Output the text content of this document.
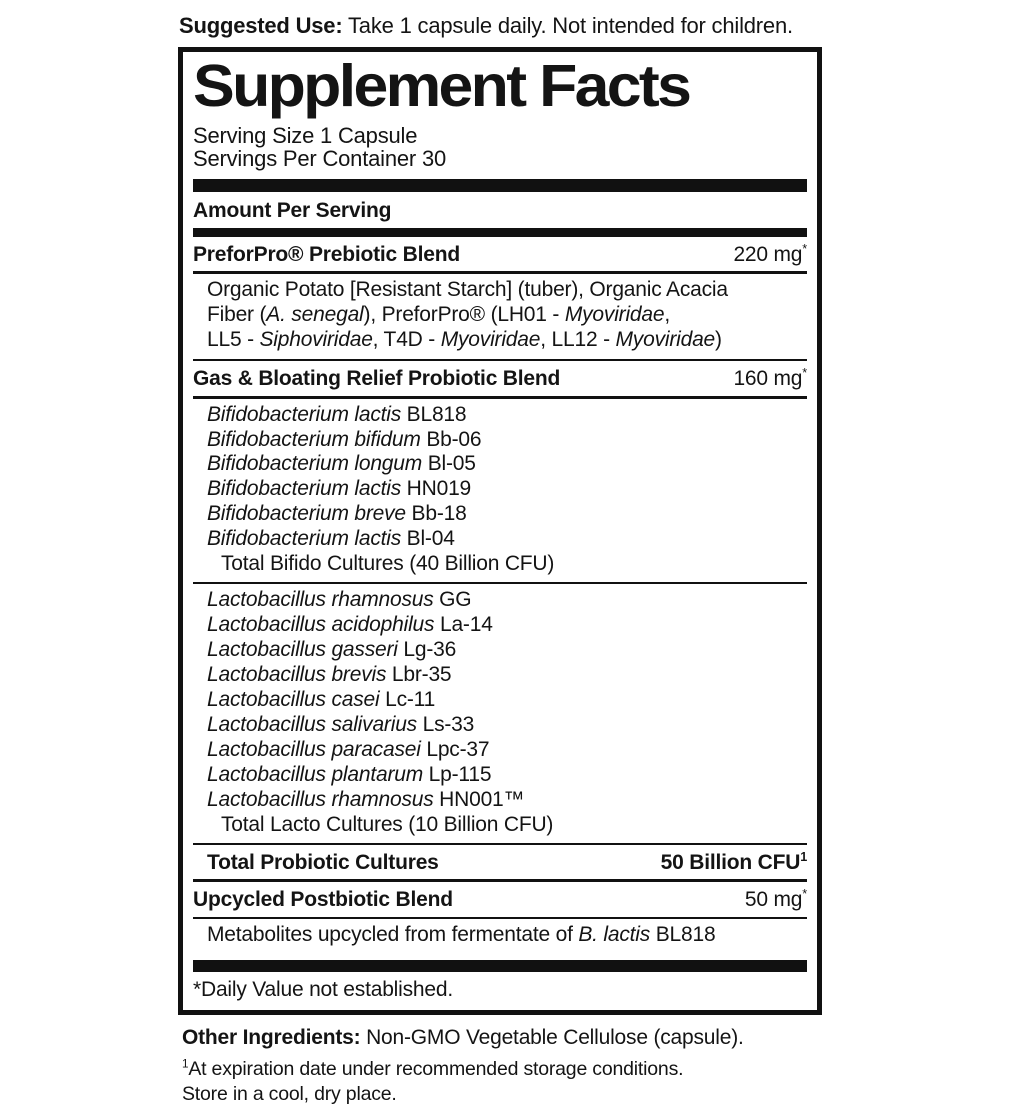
Suggested Use: Take 1 capsule daily. Not intended for children.

Supplement Facts
Serving Size 1 Capsule
Servings Per Container 30
Amount Per Serving
PreforPro® Prebiotic Blend	220 mg*
Organic Potato [Resistant Starch] (tuber), Organic Acacia
Fiber (A. senegal), PreforPro® (LH01 - Myoviridae,
LL5 - Siphoviridae, T4D - Myoviridae, LL12 - Myoviridae)
Gas & Bloating Relief Probiotic Blend	160 mg*
Bifidobacterium lactis BL818
Bifidobacterium bifidum Bb-06
Bifidobacterium longum Bl-05
Bifidobacterium lactis HN019
Bifidobacterium breve Bb-18
Bifidobacterium lactis Bl-04
Total Bifido Cultures (40 Billion CFU)
Lactobacillus rhamnosus GG
Lactobacillus acidophilus La-14
Lactobacillus gasseri Lg-36
Lactobacillus brevis Lbr-35
Lactobacillus casei Lc-11
Lactobacillus salivarius Ls-33
Lactobacillus paracasei Lpc-37
Lactobacillus plantarum Lp-115
Lactobacillus rhamnosus HN001™
Total Lacto Cultures (10 Billion CFU)
Total Probiotic Cultures	50 Billion CFU$^1$
Upcycled Postbiotic Blend	50 mg*
Metabolites upcycled from fermentate of B. lactis BL818
*Daily Value not established.

Other Ingredients: Non-GMO Vegetable Cellulose (capsule).

$^1$At expiration date under recommended storage conditions.

Store in a cool, dry place.
